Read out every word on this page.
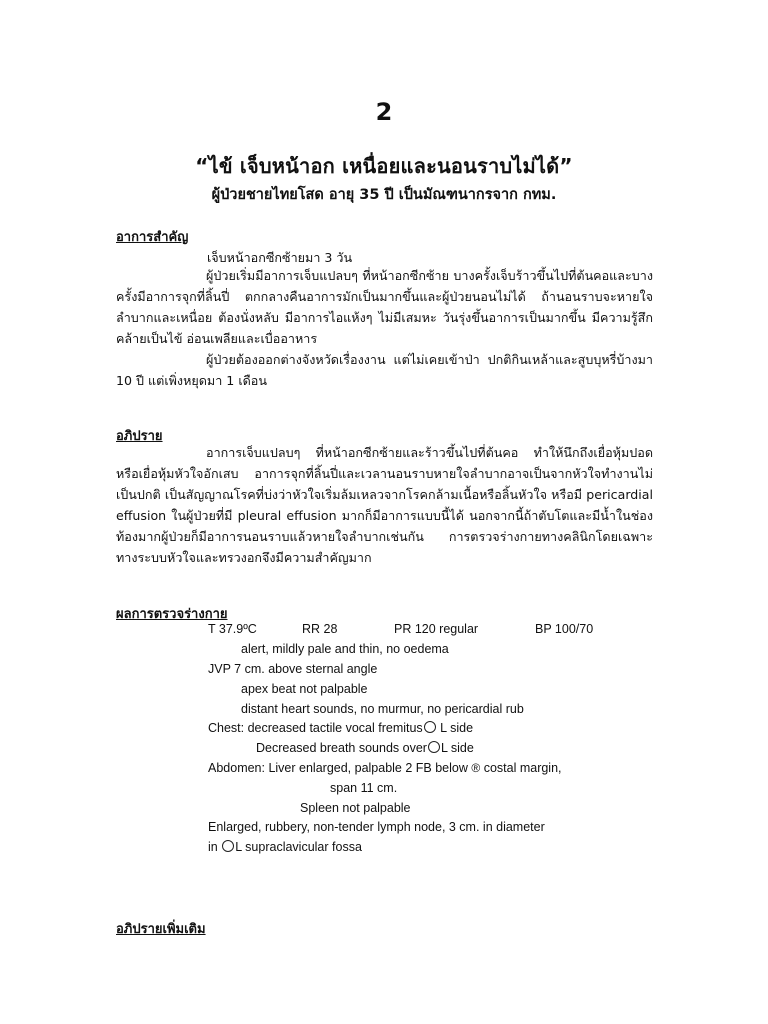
2
“ไข้ เจ็บหน้าอก เหนื่อยและนอนราบไม่ได้”
ผู้ป่วยชายไทยโสด อายุ 35 ปี เป็นมัณฑนากรจาก กทม.
อาการสำคัญ
เจ็บหน้าอกซีกซ้ายมา 3 วัน
ผู้ป่วยเริ่มมีอาการเจ็บแปลบๆ ที่หน้าอกซีกซ้าย บางครั้งเจ็บร้าวขึ้นไปที่ต้นคอและบางครั้งมีอาการจุกที่ลิ้นปี่ ตกกลางคืนอาการมักเป็นมากขึ้นและผู้ป่วยนอนไม่ได้ ถ้านอนราบจะหายใจลำบากและเหนื่อย ต้องนั่งหลับ มีอาการไอแห้งๆ ไม่มีเสมหะ วันรุ่งขึ้นอาการเป็นมากขึ้น มีความรู้สึกคล้ายเป็นไข้ อ่อนเพลียและเบื่ออาหาร
ผู้ป่วยต้องออกต่างจังหวัดเรื่องงาน แต่ไม่เคยเข้าป่า ปกติกินเหล้าและสูบบุหรี่บ้างมา 10 ปี แต่เพิ่งหยุดมา 1 เดือน
อภิปราย
อาการเจ็บแปลบๆ ที่หน้าอกซีกซ้ายและร้าวขึ้นไปที่ต้นคอ ทำให้นึกถึงเยื่อหุ้มปอดหรือเยื่อหุ้มหัวใจอักเสบ อาการจุกที่ลิ้นปี่และเวลานอนราบหายใจลำบากอาจเป็นจากหัวใจทำงานไม่เป็นปกติ เป็นสัญญาณโรคที่บ่งว่าหัวใจเริ่มล้มเหลวจากโรคกล้ามเนื้อหรือลิ้นหัวใจ หรือมี pericardial effusion ในผู้ป่วยที่มี pleural effusion มากก็มีอาการแบบนี้ได้ นอกจากนี้ถ้าตับโตและมีน้ำในช่องท้องมากผู้ป่วยก็มีอาการนอนราบแล้วหายใจลำบากเช่นกัน การตรวจร่างกายทางคลินิกโดยเฉพาะทางระบบหัวใจและทรวงอกจึงมีความสำคัญมาก
ผลการตรวจร่างกาย
T 37.9ºC	RR 28	PR 120 regular	BP 100/70
alert, mildly pale and thin, no oedema
JVP 7 cm. above sternal angle
apex beat not palpable
distant heart sounds, no murmur, no pericardial rub
Chest: decreased tactile vocal fremitus L side
Decreased breath sounds over L side
Abdomen: Liver enlarged, palpable 2 FB below ® costal margin,
span 11 cm.
Spleen not palpable
Enlarged, rubbery, non-tender lymph node, 3 cm. in diameter
in L supraclavicular fossa
อภิปรายเพิ่มเติม
